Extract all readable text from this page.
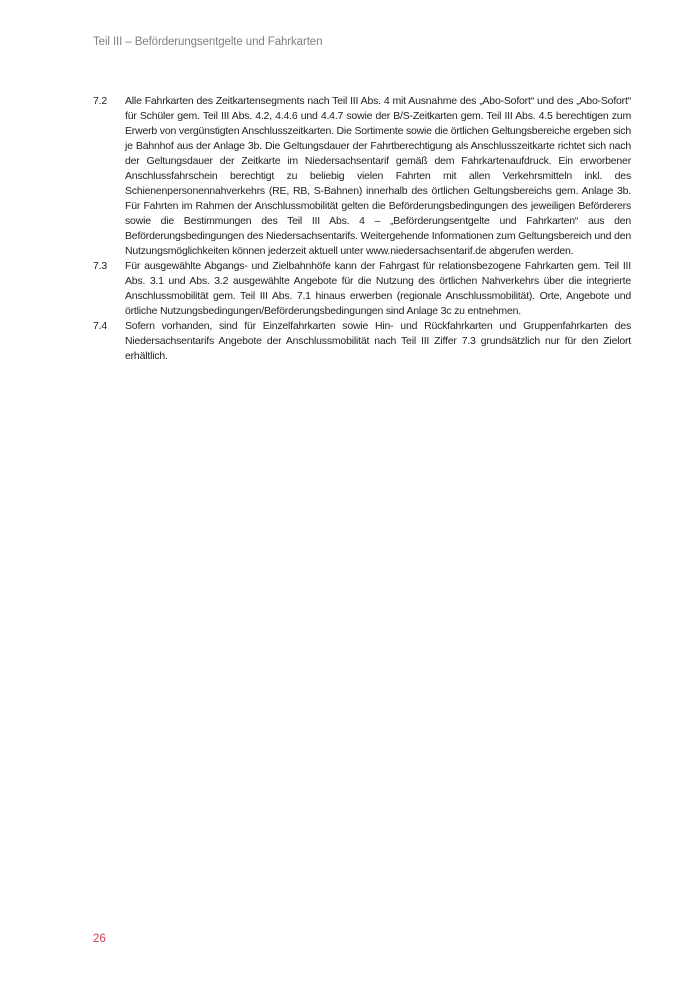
Teil III – Beförderungsentgelte und Fahrkarten
7.2	Alle Fahrkarten des Zeitkartensegments nach Teil III Abs. 4 mit Ausnahme des „Abo-Sofort“ und des „Abo-Sofort“ für Schüler gem. Teil III Abs. 4.2, 4.4.6 und 4.4.7 sowie der B/S-Zeitkarten gem. Teil III Abs. 4.5 berechtigen zum Erwerb von vergünstigten Anschlusszeitkarten. Die Sortimente sowie die örtlichen Geltungsbereiche ergeben sich je Bahnhof aus der Anlage 3b. Die Geltungsdauer der Fahrtberechtigung als Anschlusszeitkarte richtet sich nach der Geltungsdauer der Zeitkarte im Niedersachsentarif gemäß dem Fahrkartenaufdruck. Ein erworbener Anschlussfahrschein berechtigt zu beliebig vielen Fahrten mit allen Verkehrsmitteln inkl. des Schienenpersonennahverkehrs (RE, RB, S-Bahnen) innerhalb des örtlichen Geltungsbereichs gem. Anlage 3b. Für Fahrten im Rahmen der Anschlussmobilität gelten die Beförderungsbedingungen des jeweiligen Beförderers sowie die Bestimmungen des Teil III Abs. 4 – „Beförderungsentgelte und Fahrkarten“ aus den Beförderungsbedingungen des Niedersachsentarifs. Weitergehende Informationen zum Geltungsbereich und den Nutzungsmöglichkeiten können jederzeit aktuell unter www.niedersachsentarif.de abgerufen werden.
7.3	Für ausgewählte Abgangs- und Zielbahnhöfe kann der Fahrgast für relationsbezogene Fahrkarten gem. Teil III Abs. 3.1 und Abs. 3.2 ausgewählte Angebote für die Nutzung des örtlichen Nahverkehrs über die integrierte Anschlussmobilität gem. Teil III Abs. 7.1 hinaus erwerben (regionale Anschlussmobilität). Orte, Angebote und örtliche Nutzungsbedingungen/Beförderungsbedingungen sind Anlage 3c zu entnehmen.
7.4	Sofern vorhanden, sind für Einzelfahrkarten sowie Hin- und Rückfahrkarten und Gruppenfahrkarten des Niedersachsentarifs Angebote der Anschlussmobilität nach Teil III Ziffer 7.3 grundsätzlich nur für den Zielort erhältlich.
26
